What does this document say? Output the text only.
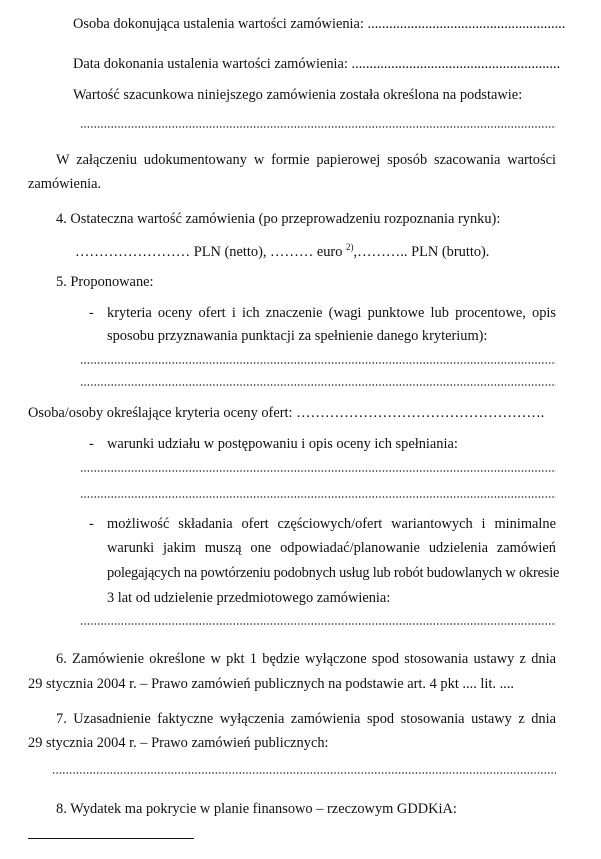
Osoba dokonująca ustalenia wartości zamówienia: .......................................................
Data dokonania ustalenia wartości zamówienia: ..........................................................
Wartość szacunkowa niniejszego zamówienia została określona na podstawie:
W załączeniu udokumentowany w formie papierowej sposób szacowania wartości
zamówienia.
4. Ostateczna wartość zamówienia (po przeprowadzeniu rozpoznania rynku):
…………………… PLN (netto), ……… euro $^{2)}$,……….. PLN (brutto).
5. Proponowane:
- kryteria oceny ofert i ich znaczenie (wagi punktowe lub procentowe, opis
sposobu przyznawania punktacji za spełnienie danego kryterium):
Osoba/osoby określające kryteria oceny ofert: …………………………………………….
- warunki udziału w postępowaniu i opis oceny ich spełniania:
- możliwość składania ofert częściowych/ofert wariantowych i minimalne
warunki jakim muszą one odpowiadać/planowanie udzielenia zamówień
polegających na powtórzeniu podobnych usług lub robót budowlanych w okresie
3 lat od udzielenie przedmiotowego zamówienia:
6. Zamówienie określone w pkt 1 będzie wyłączone spod stosowania ustawy z dnia
29 stycznia 2004 r. – Prawo zamówień publicznych na podstawie art. 4 pkt .... lit. ....
7. Uzasadnienie faktyczne wyłączenia zamówienia spod stosowania ustawy z dnia
29 stycznia 2004 r. – Prawo zamówień publicznych:
8. Wydatek ma pokrycie w planie finansowo – rzeczowym GDDKiA:
